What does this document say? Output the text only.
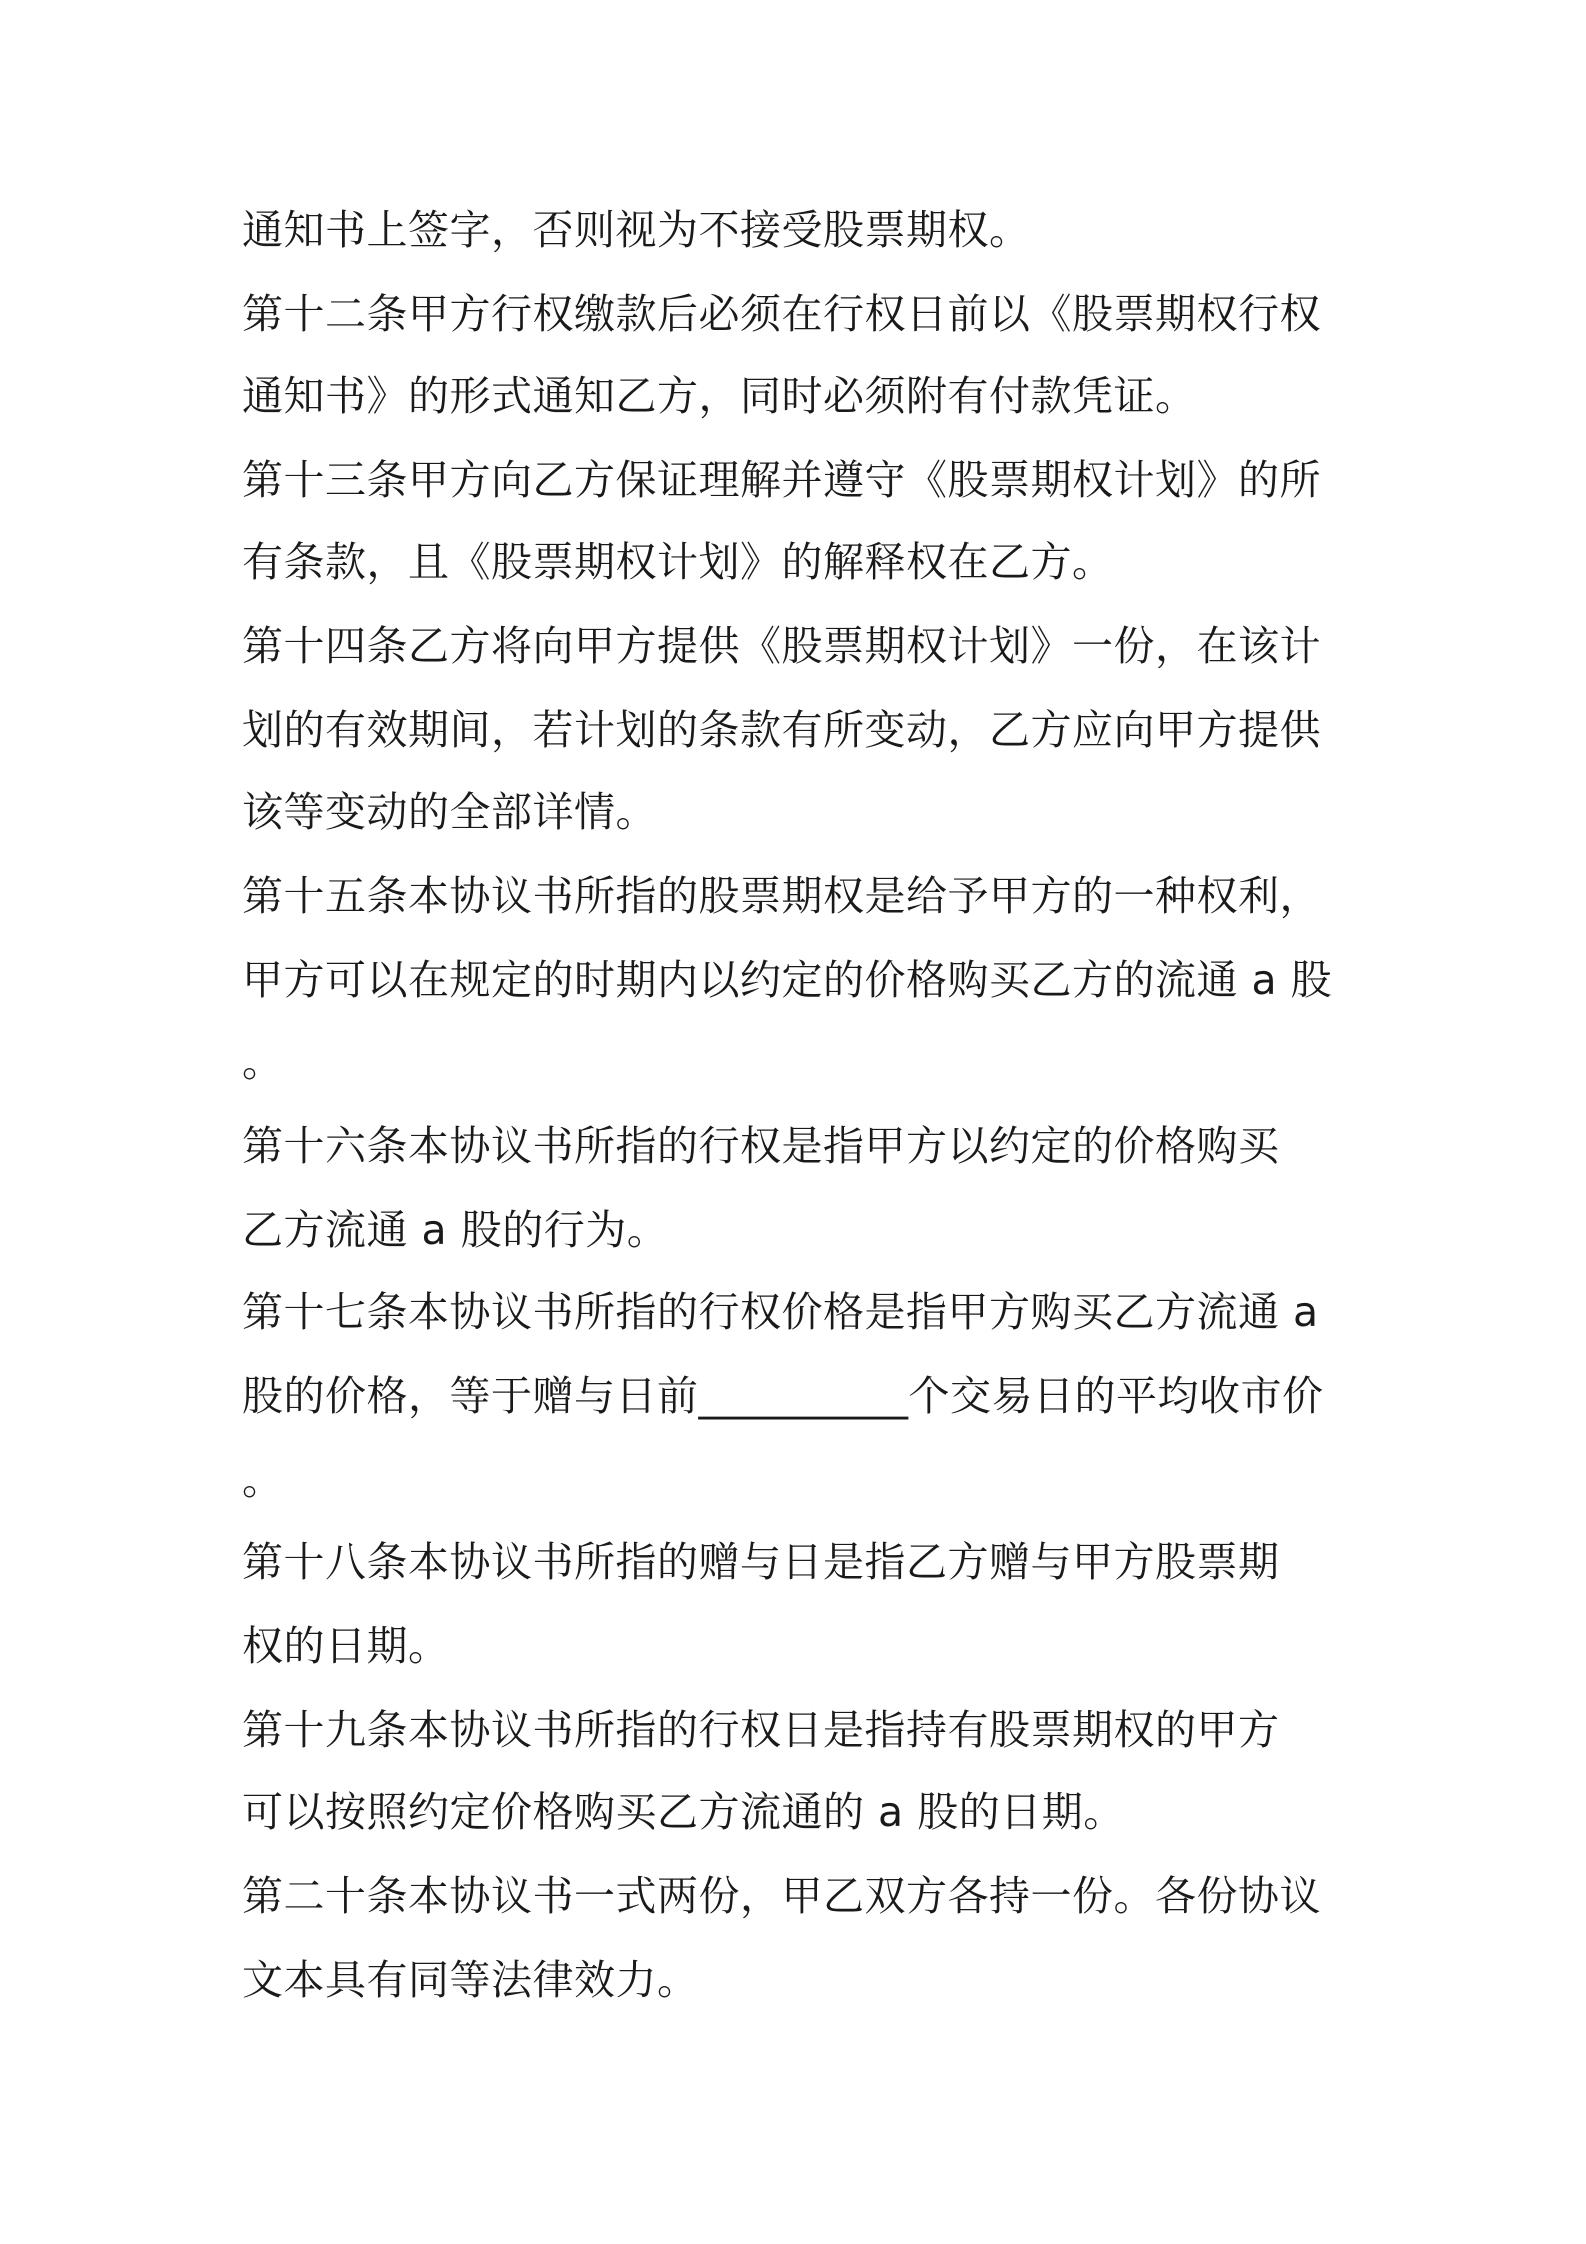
通知书上签字，否则视为不接受股票期权。
第十二条甲方行权缴款后必须在行权日前以《股票期权行权
通知书》的形式通知乙方，同时必须附有付款凭证。
第十三条甲方向乙方保证理解并遵守《股票期权计划》的所
有条款，且《股票期权计划》的解释权在乙方。
第十四条乙方将向甲方提供《股票期权计划》一份，在该计
划的有效期间，若计划的条款有所变动，乙方应向甲方提供
该等变动的全部详情。
第十五条本协议书所指的股票期权是给予甲方的一种权利，
甲方可以在规定的时期内以约定的价格购买乙方的流通 a 股
。
第十六条本协议书所指的行权是指甲方以约定的价格购买
乙方流通 a 股的行为。
第十七条本协议书所指的行权价格是指甲方购买乙方流通 a
股的价格，等于赠与日前__________个交易日的平均收市价
。
第十八条本协议书所指的赠与日是指乙方赠与甲方股票期
权的日期。
第十九条本协议书所指的行权日是指持有股票期权的甲方
可以按照约定价格购买乙方流通的 a 股的日期。
第二十条本协议书一式两份，甲乙双方各持一份。各份协议
文本具有同等法律效力。
